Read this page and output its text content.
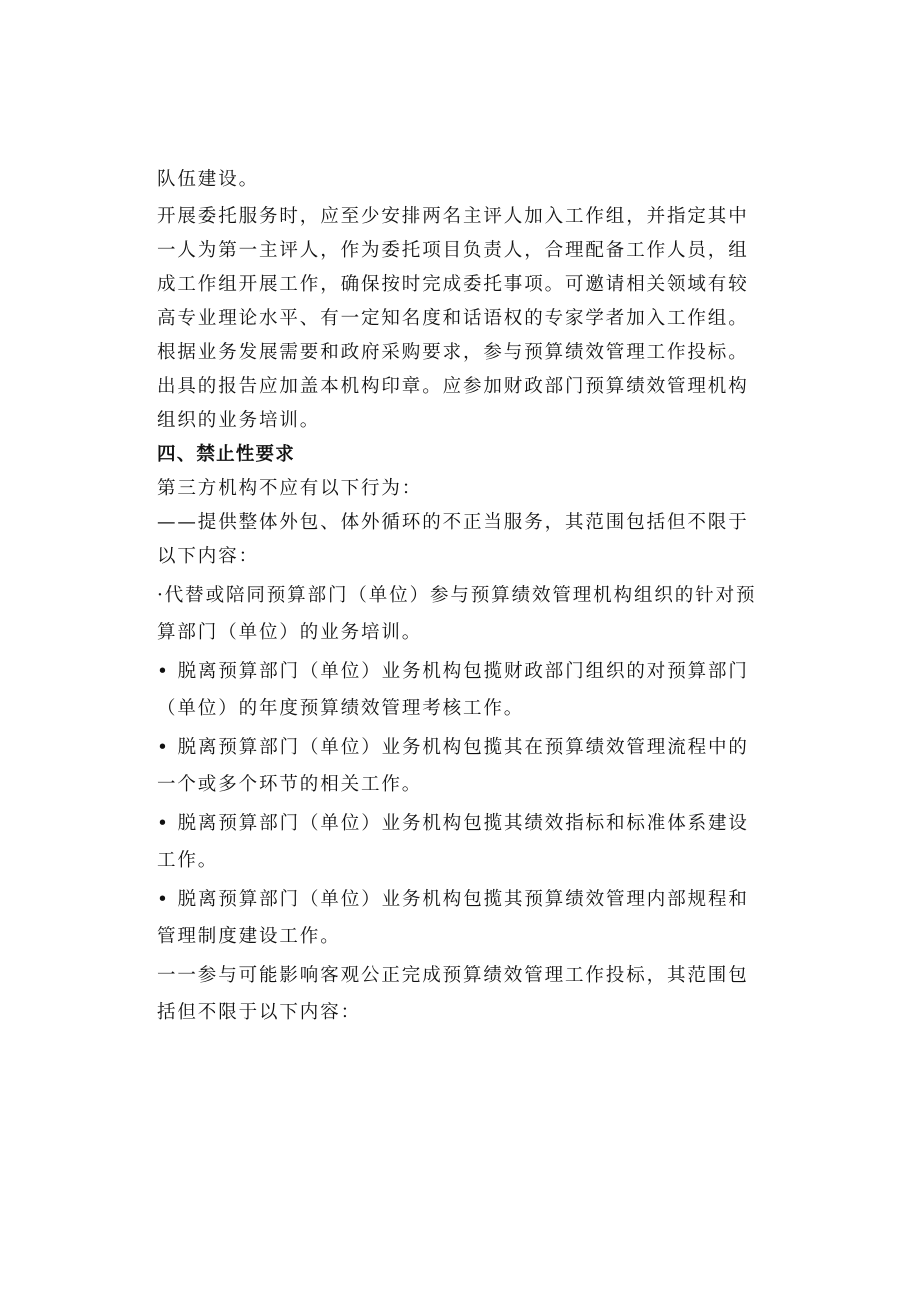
队伍建设。
开展委托服务时，应至少安排两名主评人加入工作组，并指定其中
一人为第一主评人，作为委托项目负责人，合理配备工作人员，组
成工作组开展工作，确保按时完成委托事项。可邀请相关领域有较
高专业理论水平、有一定知名度和话语权的专家学者加入工作组。
根据业务发展需要和政府采购要求，参与预算绩效管理工作投标。
出具的报告应加盖本机构印章。应参加财政部门预算绩效管理机构
组织的业务培训。
四、禁止性要求
第三方机构不应有以下行为：
——提供整体外包、体外循环的不正当服务，其范围包括但不限于
以下内容：
·代替或陪同预算部门（单位）参与预算绩效管理机构组织的针对预
算部门（单位）的业务培训。
• 脱离预算部门（单位）业务机构包揽财政部门组织的对预算部门
（单位）的年度预算绩效管理考核工作。
• 脱离预算部门（单位）业务机构包揽其在预算绩效管理流程中的
一个或多个环节的相关工作。
• 脱离预算部门（单位）业务机构包揽其绩效指标和标准体系建设
工作。
• 脱离预算部门（单位）业务机构包揽其预算绩效管理内部规程和
管理制度建设工作。
一一参与可能影响客观公正完成预算绩效管理工作投标，其范围包
括但不限于以下内容：
